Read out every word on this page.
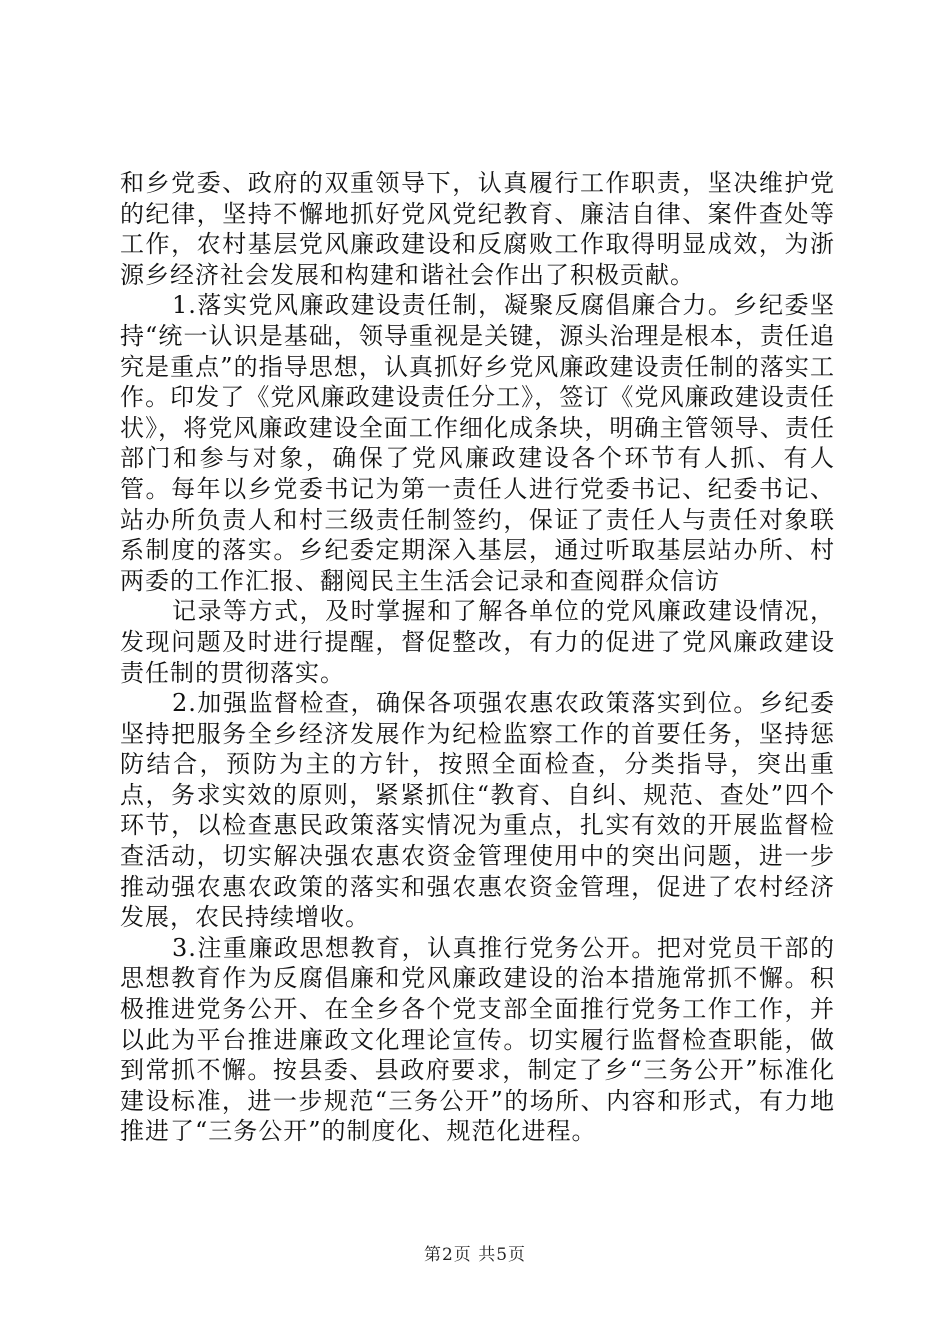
和乡党委、政府的双重领导下，认真履行工作职责，坚决维护党的纪律，坚持不懈地抓好党风党纪教育、廉洁自律、案件查处等工作，农村基层党风廉政建设和反腐败工作取得明显成效，为浙源乡经济社会发展和构建和谐社会作出了积极贡献。

1.落实党风廉政建设责任制，凝聚反腐倡廉合力。乡纪委坚持“统一认识是基础，领导重视是关键，源头治理是根本，责任追究是重点”的指导思想，认真抓好乡党风廉政建设责任制的落实工作。印发了《党风廉政建设责任分工》，签订《党风廉政建设责任状》，将党风廉政建设全面工作细化成条块，明确主管领导、责任部门和参与对象，确保了党风廉政建设各个环节有人抓、有人管。每年以乡党委书记为第一责任人进行党委书记、纪委书记、站办所负责人和村三级责任制签约，保证了责任人与责任对象联系制度的落实。乡纪委定期深入基层，通过听取基层站办所、村两委的工作汇报、翻阅民主生活会记录和查阅群众信访

记录等方式，及时掌握和了解各单位的党风廉政建设情况，发现问题及时进行提醒，督促整改，有力的促进了党风廉政建设责任制的贯彻落实。

2.加强监督检查，确保各项强农惠农政策落实到位。乡纪委坚持把服务全乡经济发展作为纪检监察工作的首要任务，坚持惩防结合，预防为主的方针，按照全面检查，分类指导，突出重点，务求实效的原则，紧紧抓住“教育、自纠、规范、查处”四个环节，以检查惠民政策落实情况为重点，扎实有效的开展监督检查活动，切实解决强农惠农资金管理使用中的突出问题，进一步推动强农惠农政策的落实和强农惠农资金管理，促进了农村经济发展，农民持续增收。

3.注重廉政思想教育，认真推行党务公开。把对党员干部的思想教育作为反腐倡廉和党风廉政建设的治本措施常抓不懈。积极推进党务公开、在全乡各个党支部全面推行党务工作工作，并以此为平台推进廉政文化理论宣传。切实履行监督检查职能，做到常抓不懈。按县委、县政府要求，制定了乡“三务公开”标准化建设标准，进一步规范“三务公开”的场所、内容和形式，有力地推进了“三务公开”的制度化、规范化进程。

第2页 共5页
